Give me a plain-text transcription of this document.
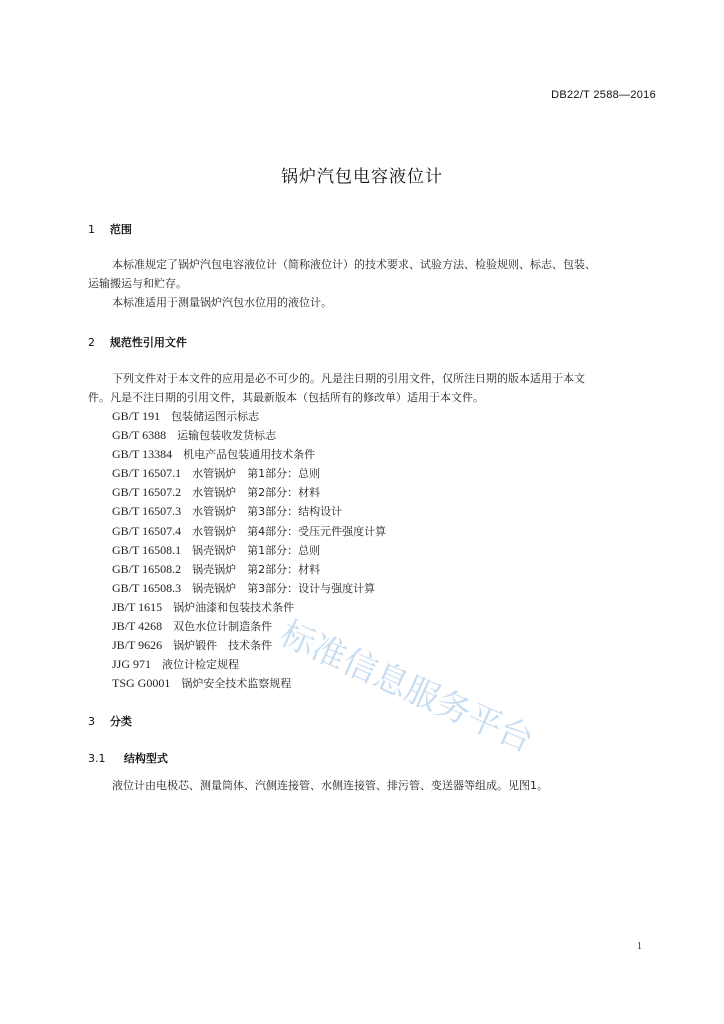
DB22/T 2588—2016
锅炉汽包电容液位计
1 范围
本标准规定了锅炉汽包电容液位计（简称液位计）的技术要求、试验方法、检验规则、标志、包装、
运输搬运与和贮存。
本标准适用于测量锅炉汽包水位用的液位计。
2 规范性引用文件
下列文件对于本文件的应用是必不可少的。凡是注日期的引用文件，仅所注日期的版本适用于本文
件。凡是不注日期的引用文件，其最新版本（包括所有的修改单）适用于本文件。
GB/T 191  包装储运图示标志
GB/T 6388  运输包装收发货标志
GB/T 13384  机电产品包装通用技术条件
GB/T 16507.1  水管锅炉　第1部分：总则
GB/T 16507.2  水管锅炉　第2部分：材料
GB/T 16507.3  水管锅炉　第3部分：结构设计
GB/T 16507.4  水管锅炉　第4部分：受压元件强度计算
GB/T 16508.1  锅壳锅炉　第1部分：总则
GB/T 16508.2  锅壳锅炉　第2部分：材料
GB/T 16508.3  锅壳锅炉　第3部分：设计与强度计算
JB/T 1615  锅炉油漆和包装技术条件
JB/T 4268  双色水位计制造条件
JB/T 9626  锅炉锻件　技术条件
JJG 971  液位计检定规程
TSG G0001  锅炉安全技术监察规程
3 分类
3.1 结构型式
液位计由电极芯、测量筒体、汽侧连接管、水侧连接管、排污管、变送器等组成。见图1。
标准信息服务平台
1
